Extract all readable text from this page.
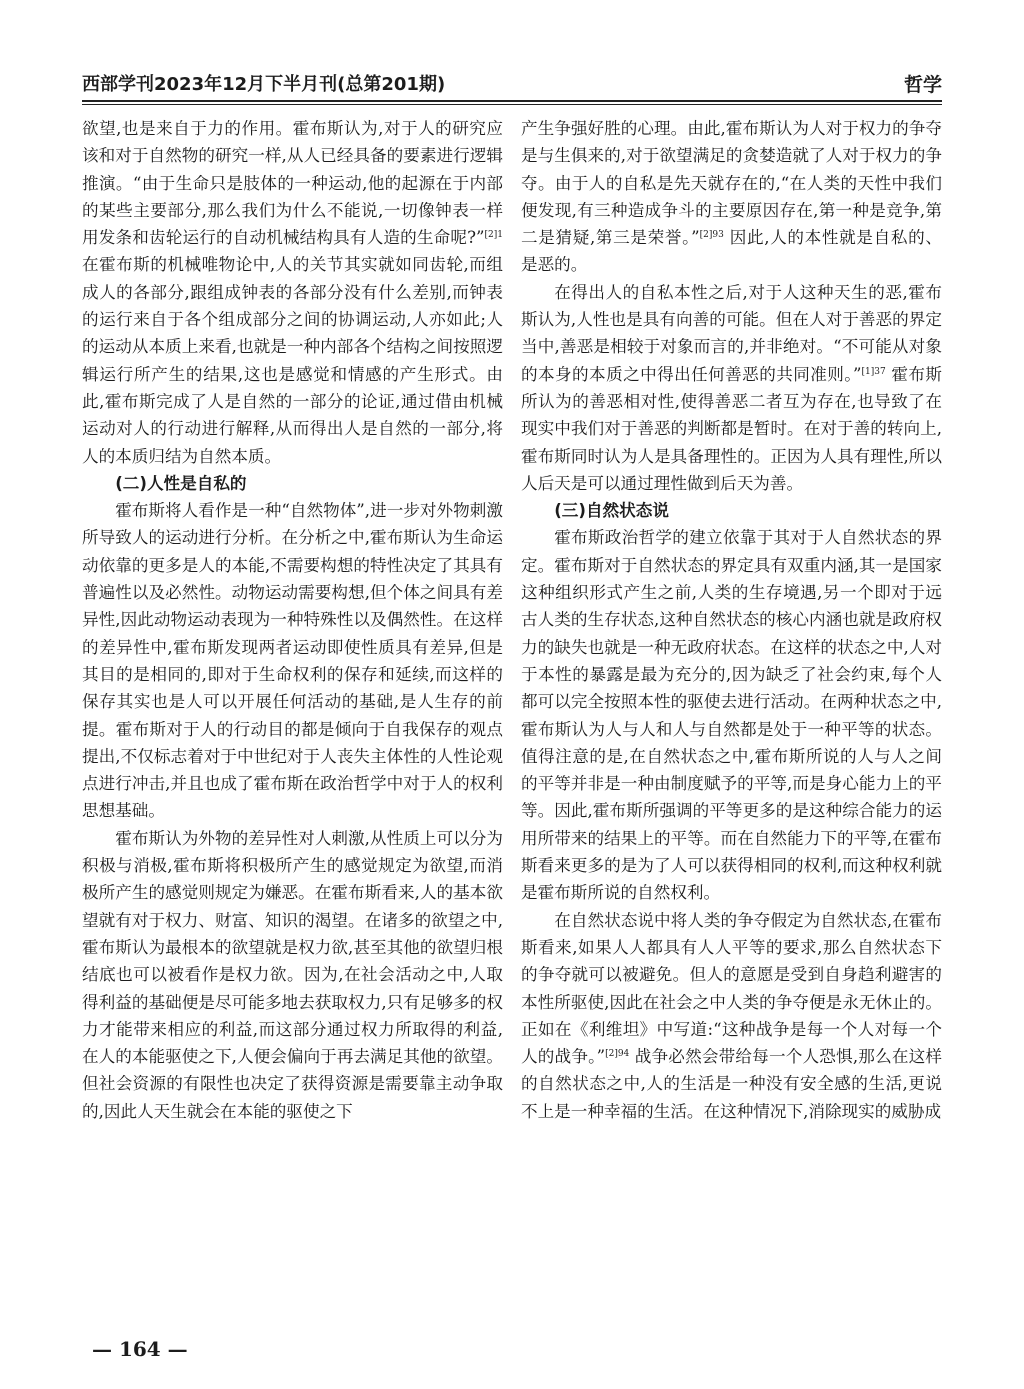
西部学刊2023年12月下半月刊(总第201期)	哲学

欲望,也是来自于力的作用。霍布斯认为,对于人的研究应该和对于自然物的研究一样,从人已经具备的要素进行逻辑推演。“由于生命只是肢体的一种运动,他的起源在于内部的某些主要部分,那么我们为什么不能说,一切像钟表一样用发条和齿轮运行的自动机械结构具有人造的生命呢?”$^{[2]1}$ 在霍布斯的机械唯物论中,人的关节其实就如同齿轮,而组成人的各部分,跟组成钟表的各部分没有什么差别,而钟表的运行来自于各个组成部分之间的协调运动,人亦如此;人的运动从本质上来看,也就是一种内部各个结构之间按照逻辑运行所产生的结果,这也是感觉和情感的产生形式。由此,霍布斯完成了人是自然的一部分的论证,通过借由机械运动对人的行动进行解释,从而得出人是自然的一部分,将人的本质归结为自然本质。

(二)人性是自私的

霍布斯将人看作是一种“自然物体”,进一步对外物刺激所导致人的运动进行分析。在分析之中,霍布斯认为生命运动依靠的更多是人的本能,不需要构想的特性决定了其具有普遍性以及必然性。动物运动需要构想,但个体之间具有差异性,因此动物运动表现为一种特殊性以及偶然性。在这样的差异性中,霍布斯发现两者运动即使性质具有差异,但是其目的是相同的,即对于生命权利的保存和延续,而这样的保存其实也是人可以开展任何活动的基础,是人生存的前提。霍布斯对于人的行动目的都是倾向于自我保存的观点提出,不仅标志着对于中世纪对于人丧失主体性的人性论观点进行冲击,并且也成了霍布斯在政治哲学中对于人的权利思想基础。

霍布斯认为外物的差异性对人刺激,从性质上可以分为积极与消极,霍布斯将积极所产生的感觉规定为欲望,而消极所产生的感觉则规定为嫌恶。在霍布斯看来,人的基本欲望就有对于权力、财富、知识的渴望。在诸多的欲望之中,霍布斯认为最根本的欲望就是权力欲,甚至其他的欲望归根结底也可以被看作是权力欲。因为,在社会活动之中,人取得利益的基础便是尽可能多地去获取权力,只有足够多的权力才能带来相应的利益,而这部分通过权力所取得的利益,在人的本能驱使之下,人便会偏向于再去满足其他的欲望。但社会资源的有限性也决定了获得资源是需要靠主动争取的,因此人天生就会在本能的驱使之下

产生争强好胜的心理。由此,霍布斯认为人对于权力的争夺是与生俱来的,对于欲望满足的贪婪造就了人对于权力的争夺。由于人的自私是先天就存在的,“在人类的天性中我们便发现,有三种造成争斗的主要原因存在,第一种是竞争,第二是猜疑,第三是荣誉。”$^{[2]93}$ 因此,人的本性就是自私的、是恶的。

在得出人的自私本性之后,对于人这种天生的恶,霍布斯认为,人性也是具有向善的可能。但在人对于善恶的界定当中,善恶是相较于对象而言的,并非绝对。“不可能从对象的本身的本质之中得出任何善恶的共同准则。”$^{[1]37}$ 霍布斯所认为的善恶相对性,使得善恶二者互为存在,也导致了在现实中我们对于善恶的判断都是暂时。在对于善的转向上,霍布斯同时认为人是具备理性的。正因为人具有理性,所以人后天是可以通过理性做到后天为善。

(三)自然状态说

霍布斯政治哲学的建立依靠于其对于人自然状态的界定。霍布斯对于自然状态的界定具有双重内涵,其一是国家这种组织形式产生之前,人类的生存境遇,另一个即对于远古人类的生存状态,这种自然状态的核心内涵也就是政府权力的缺失也就是一种无政府状态。在这样的状态之中,人对于本性的暴露是最为充分的,因为缺乏了社会约束,每个人都可以完全按照本性的驱使去进行活动。在两种状态之中,霍布斯认为人与人和人与自然都是处于一种平等的状态。值得注意的是,在自然状态之中,霍布斯所说的人与人之间的平等并非是一种由制度赋予的平等,而是身心能力上的平等。因此,霍布斯所强调的平等更多的是这种综合能力的运用所带来的结果上的平等。而在自然能力下的平等,在霍布斯看来更多的是为了人可以获得相同的权利,而这种权利就是霍布斯所说的自然权利。

在自然状态说中将人类的争夺假定为自然状态,在霍布斯看来,如果人人都具有人人平等的要求,那么自然状态下的争夺就可以被避免。但人的意愿是受到自身趋利避害的本性所驱使,因此在社会之中人类的争夺便是永无休止的。正如在《利维坦》中写道:“这种战争是每一个人对每一个人的战争。”$^{[2]94}$ 战争必然会带给每一个人恐惧,那么在这样的自然状态之中,人的生活是一种没有安全感的生活,更说不上是一种幸福的生活。在这种情况下,消除现实的威胁成

— 164 —
